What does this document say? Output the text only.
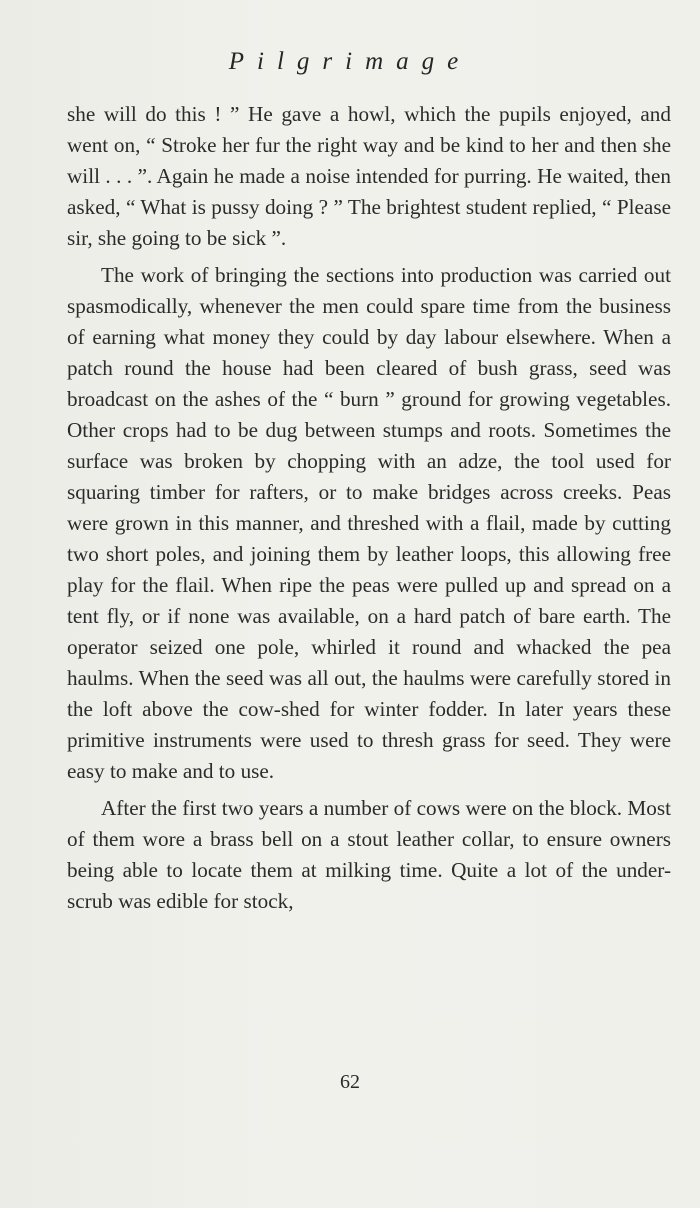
Pilgrimage

she will do this ! ” He gave a howl, which the pupils enjoyed, and went on, “ Stroke her fur the right way and be kind to her and then she will . . . ”. Again he made a noise intended for purring. He waited, then asked, “ What is pussy doing ? ” The brightest student replied, “ Please sir, she going to be sick ”.

The work of bringing the sections into production was carried out spasmodically, whenever the men could spare time from the business of earning what money they could by day labour elsewhere. When a patch round the house had been cleared of bush grass, seed was broadcast on the ashes of the “ burn ” ground for growing vegetables. Other crops had to be dug between stumps and roots. Sometimes the surface was broken by chopping with an adze, the tool used for squaring timber for rafters, or to make bridges across creeks. Peas were grown in this manner, and threshed with a flail, made by cutting two short poles, and joining them by leather loops, this allowing free play for the flail. When ripe the peas were pulled up and spread on a tent fly, or if none was available, on a hard patch of bare earth. The operator seized one pole, whirled it round and whacked the pea haulms. When the seed was all out, the haulms were carefully stored in the loft above the cow-shed for winter fodder. In later years these primitive instruments were used to thresh grass for seed. They were easy to make and to use.

After the first two years a number of cows were on the block. Most of them wore a brass bell on a stout leather collar, to ensure owners being able to locate them at milking time. Quite a lot of the under-scrub was edible for stock,

62
